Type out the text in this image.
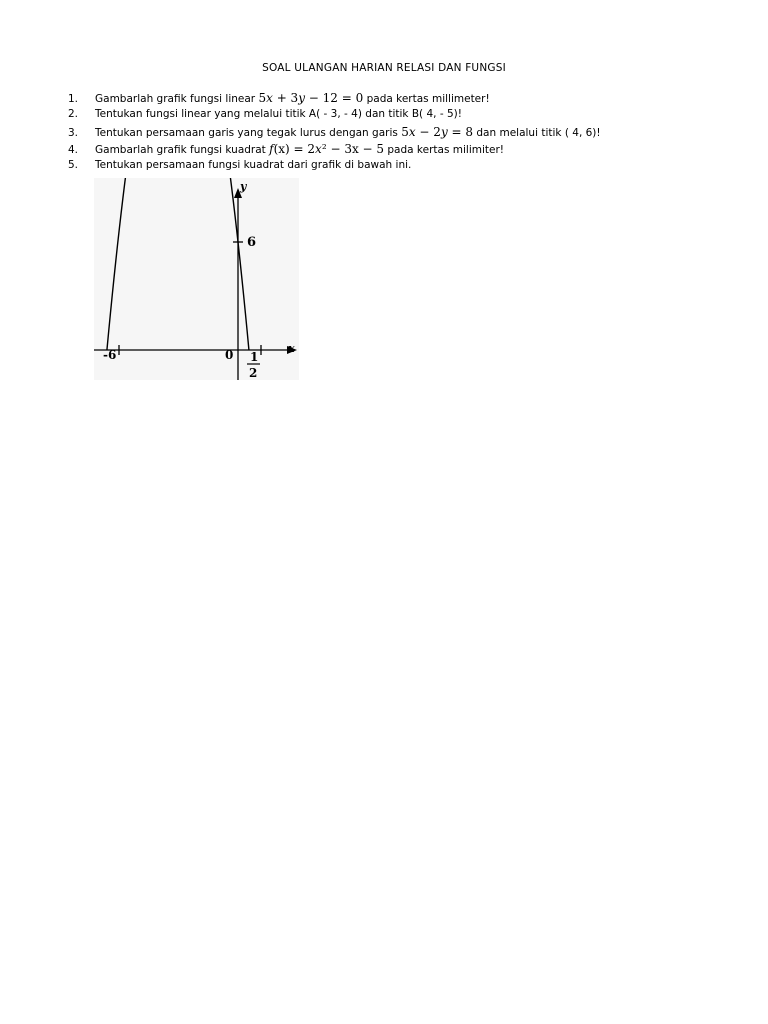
SOAL ULANGAN HARIAN RELASI DAN FUNGSI
1.	Gambarlah grafik fungsi linear 5x + 3y − 12 = 0 pada kertas millimeter!
2.	Tentukan fungsi linear yang melalui titik A( - 3, - 4) dan titik B( 4, - 5)!
3.	Tentukan persamaan garis yang tegak lurus dengan garis 5x − 2y = 8 dan melalui titik ( 4, 6)!
4.	Gambarlah grafik fungsi kuadrat f(x) = 2x² − 3x − 5 pada kertas milimiter!
5.	Tentukan persamaan fungsi kuadrat dari grafik di bawah ini.
y
x
6
-6	0 1
2
